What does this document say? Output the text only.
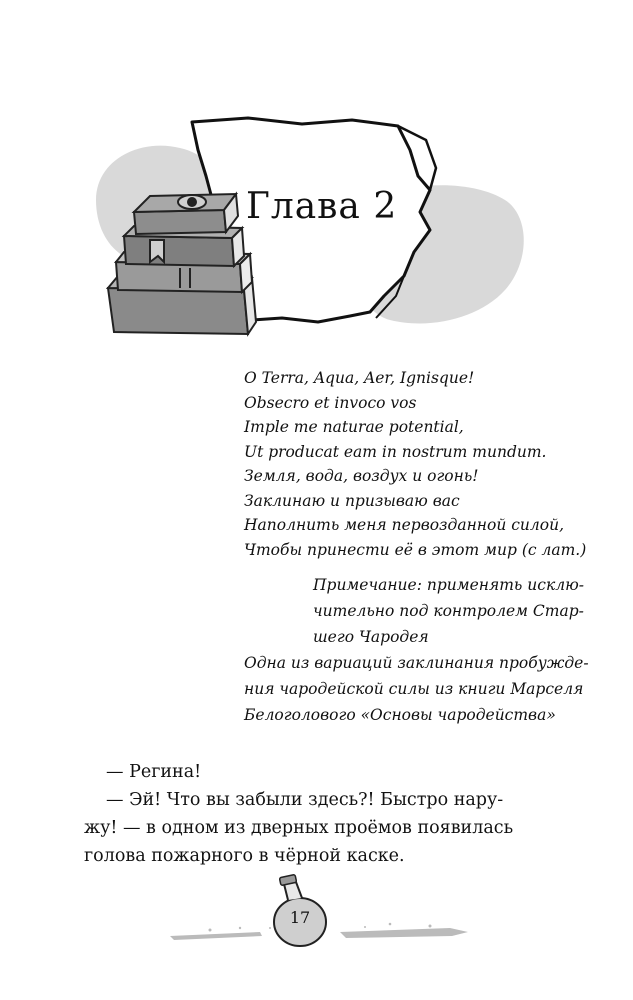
Глава 2

O Terra, Aqua, Aer, Ignisque!
Obsecro et invoco vos
Imple me naturae potential,
Ut producat eam in nostrum mundum.

Земля, вода, воздух и огонь!
Заклинаю и призываю вас
Наполнить меня первозданной силой,
Чтобы принести её в этот мир (с лат.)

Примечание: применять исклю-
чительно под контролем Стар-
шего Чародея
Одна из вариаций заклинания пробужде-
ния чародейской силы из книги Марселя
Белоголового «Основы чародейства»
— Регина!
— Эй! Что вы забыли здесь?! Быстро нару-
жу! — в одном из дверных проёмов появилась
голова пожарного в чёрной каске.
17
